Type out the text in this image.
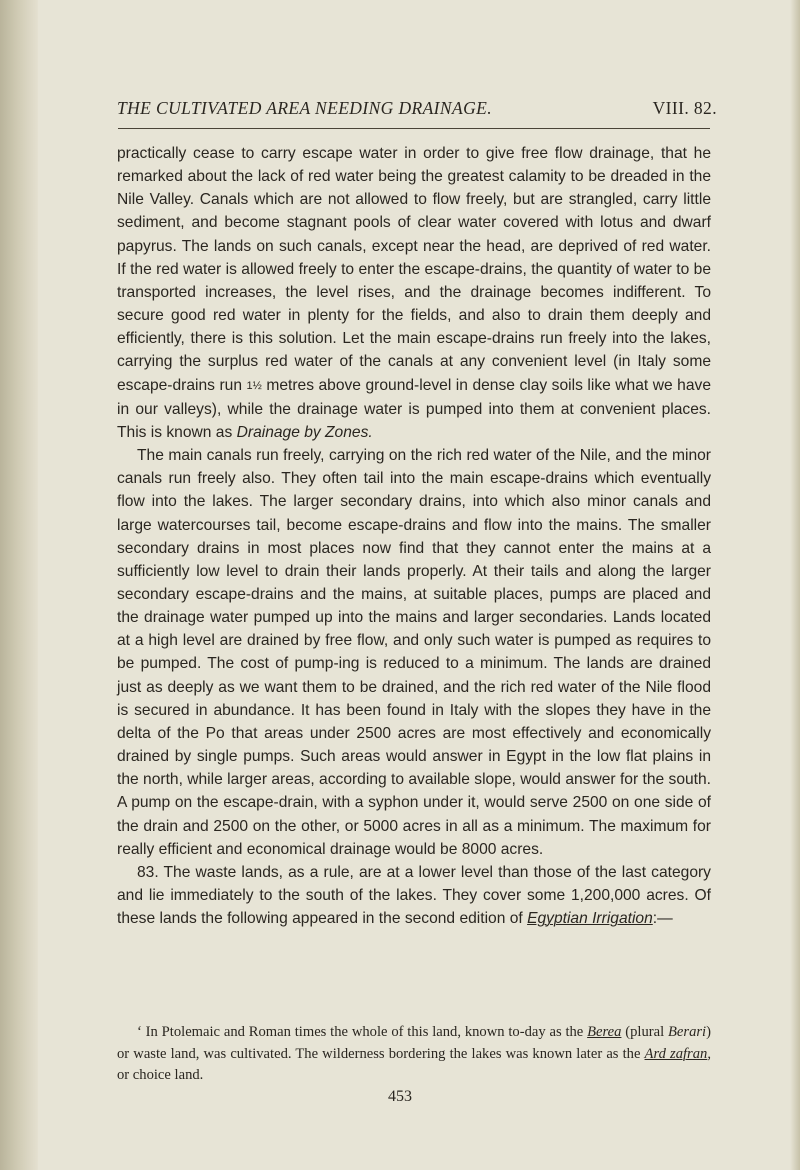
THE CULTIVATED AREA NEEDING DRAINAGE.	VIII. 82.

practically cease to carry escape water in order to give free flow drainage, that he remarked about the lack of red water being the greatest calamity to be dreaded in the Nile Valley. Canals which are not allowed to flow freely, but are strangled, carry little sediment, and become stagnant pools of clear water covered with lotus and dwarf papyrus. The lands on such canals, except near the head, are deprived of red water. If the red water is allowed freely to enter the escape-drains, the quantity of water to be transported increases, the level rises, and the drainage becomes indifferent. To secure good red water in plenty for the fields, and also to drain them deeply and efficiently, there is this solution. Let the main escape-drains run freely into the lakes, carrying the surplus red water of the canals at any convenient level (in Italy some escape-drains run 1½ metres above ground-level in dense clay soils like what we have in our valleys), while the drainage water is pumped into them at convenient places. This is known as Drainage by Zones.

The main canals run freely, carrying on the rich red water of the Nile, and the minor canals run freely also. They often tail into the main escape-drains which eventually flow into the lakes. The larger secondary drains, into which also minor canals and large watercourses tail, become escape-drains and flow into the mains. The smaller secondary drains in most places now find that they cannot enter the mains at a sufficiently low level to drain their lands properly. At their tails and along the larger secondary escape-drains and the mains, at suitable places, pumps are placed and the drainage water pumped up into the mains and larger secondaries. Lands located at a high level are drained by free flow, and only such water is pumped as requires to be pumped. The cost of pump-ing is reduced to a minimum. The lands are drained just as deeply as we want them to be drained, and the rich red water of the Nile flood is secured in abundance. It has been found in Italy with the slopes they have in the delta of the Po that areas under 2500 acres are most effectively and economically drained by single pumps. Such areas would answer in Egypt in the low flat plains in the north, while larger areas, according to available slope, would answer for the south. A pump on the escape-drain, with a syphon under it, would serve 2500 on one side of the drain and 2500 on the other, or 5000 acres in all as a minimum. The maximum for really efficient and economical drainage would be 8000 acres.

83. The waste lands, as a rule, are at a lower level than those of the last category and lie immediately to the south of the lakes. They cover some 1,200,000 acres. Of these lands the following appeared in the second edition of Egyptian Irrigation:—

‘ In Ptolemaic and Roman times the whole of this land, known to-day as the Berea (plural Berari) or waste land, was cultivated. The wilderness bordering the lakes was known later as the Ard zafran, or choice land.

453
